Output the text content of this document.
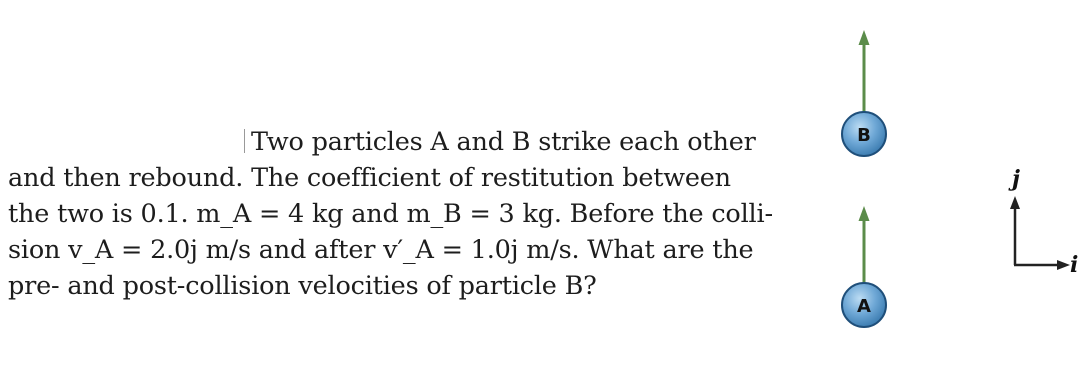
Two particles A and B strike each other
and then rebound. The coefficient of restitution between
the two is 0.1. m_A = 4 kg and m_B = 3 kg. Before the colli-
sion v_A = 2.0j m/s and after v′_A = 1.0j m/s. What are the
pre- and post-collision velocities of particle B?
B
A
j
i
